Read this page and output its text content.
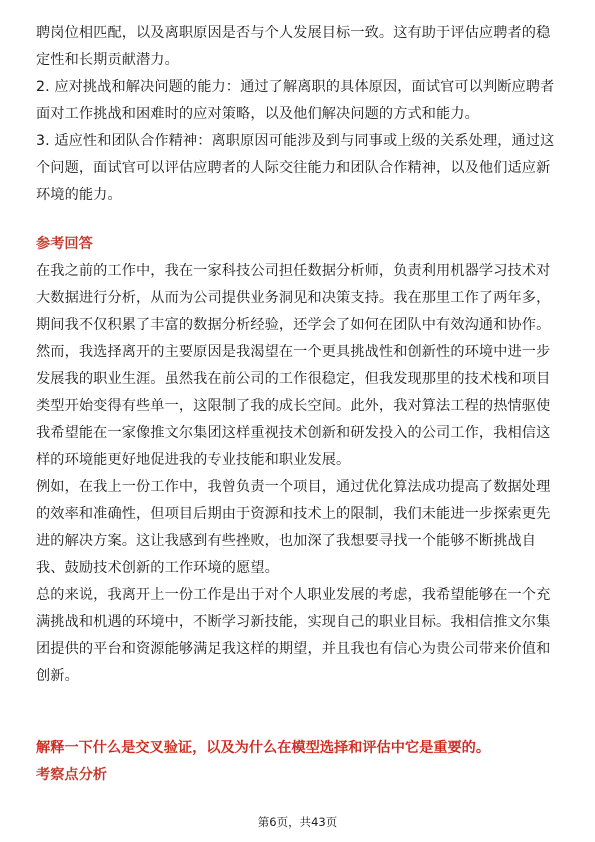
聘岗位相匹配，以及离职原因是否与个人发展目标一致。这有助于评估应聘者的稳
定性和长期贡献潜力。
2. 应对挑战和解决问题的能力：通过了解离职的具体原因，面试官可以判断应聘者
面对工作挑战和困难时的应对策略，以及他们解决问题的方式和能力。
3. 适应性和团队合作精神：离职原因可能涉及到与同事或上级的关系处理，通过这
个问题，面试官可以评估应聘者的人际交往能力和团队合作精神，以及他们适应新
环境的能力。
参考回答
在我之前的工作中，我在一家科技公司担任数据分析师，负责利用机器学习技术对
大数据进行分析，从而为公司提供业务洞见和决策支持。我在那里工作了两年多，
期间我不仅积累了丰富的数据分析经验，还学会了如何在团队中有效沟通和协作。
然而，我选择离开的主要原因是我渴望在一个更具挑战性和创新性的环境中进一步
发展我的职业生涯。虽然我在前公司的工作很稳定，但我发现那里的技术栈和项目
类型开始变得有些单一，这限制了我的成长空间。此外，我对算法工程的热情驱使
我希望能在一家像推文尔集团这样重视技术创新和研发投入的公司工作，我相信这
样的环境能更好地促进我的专业技能和职业发展。
例如，在我上一份工作中，我曾负责一个项目，通过优化算法成功提高了数据处理
的效率和准确性，但项目后期由于资源和技术上的限制，我们未能进一步探索更先
进的解决方案。这让我感到有些挫败，也加深了我想要寻找一个能够不断挑战自
我、鼓励技术创新的工作环境的愿望。
总的来说，我离开上一份工作是出于对个人职业发展的考虑，我希望能够在一个充
满挑战和机遇的环境中，不断学习新技能，实现自己的职业目标。我相信推文尔集
团提供的平台和资源能够满足我这样的期望，并且我也有信心为贵公司带来价值和
创新。
解释一下什么是交叉验证，以及为什么在模型选择和评估中它是重要的。
考察点分析
第6页，共43页
